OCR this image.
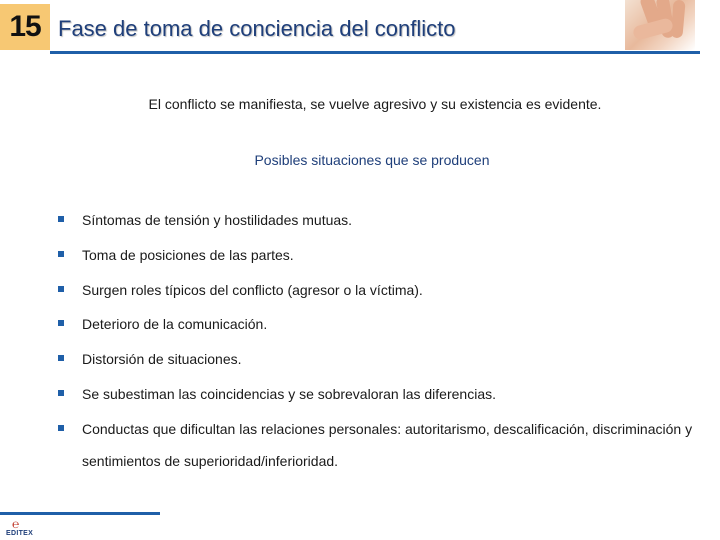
15 Fase de toma de conciencia del conflicto
El conflicto se manifiesta, se vuelve agresivo y su existencia es evidente.
Posibles situaciones que se producen
Síntomas de tensión y hostilidades mutuas.
Toma de posiciones de las partes.
Surgen roles típicos del conflicto (agresor o la víctima).
Deterioro de la comunicación.
Distorsión de situaciones.
Se subestiman las coincidencias y se sobrevaloran las diferencias.
Conductas que dificultan las relaciones personales: autoritarismo, descalificación, discriminación y sentimientos de superioridad/inferioridad.
℮
EDITEX
